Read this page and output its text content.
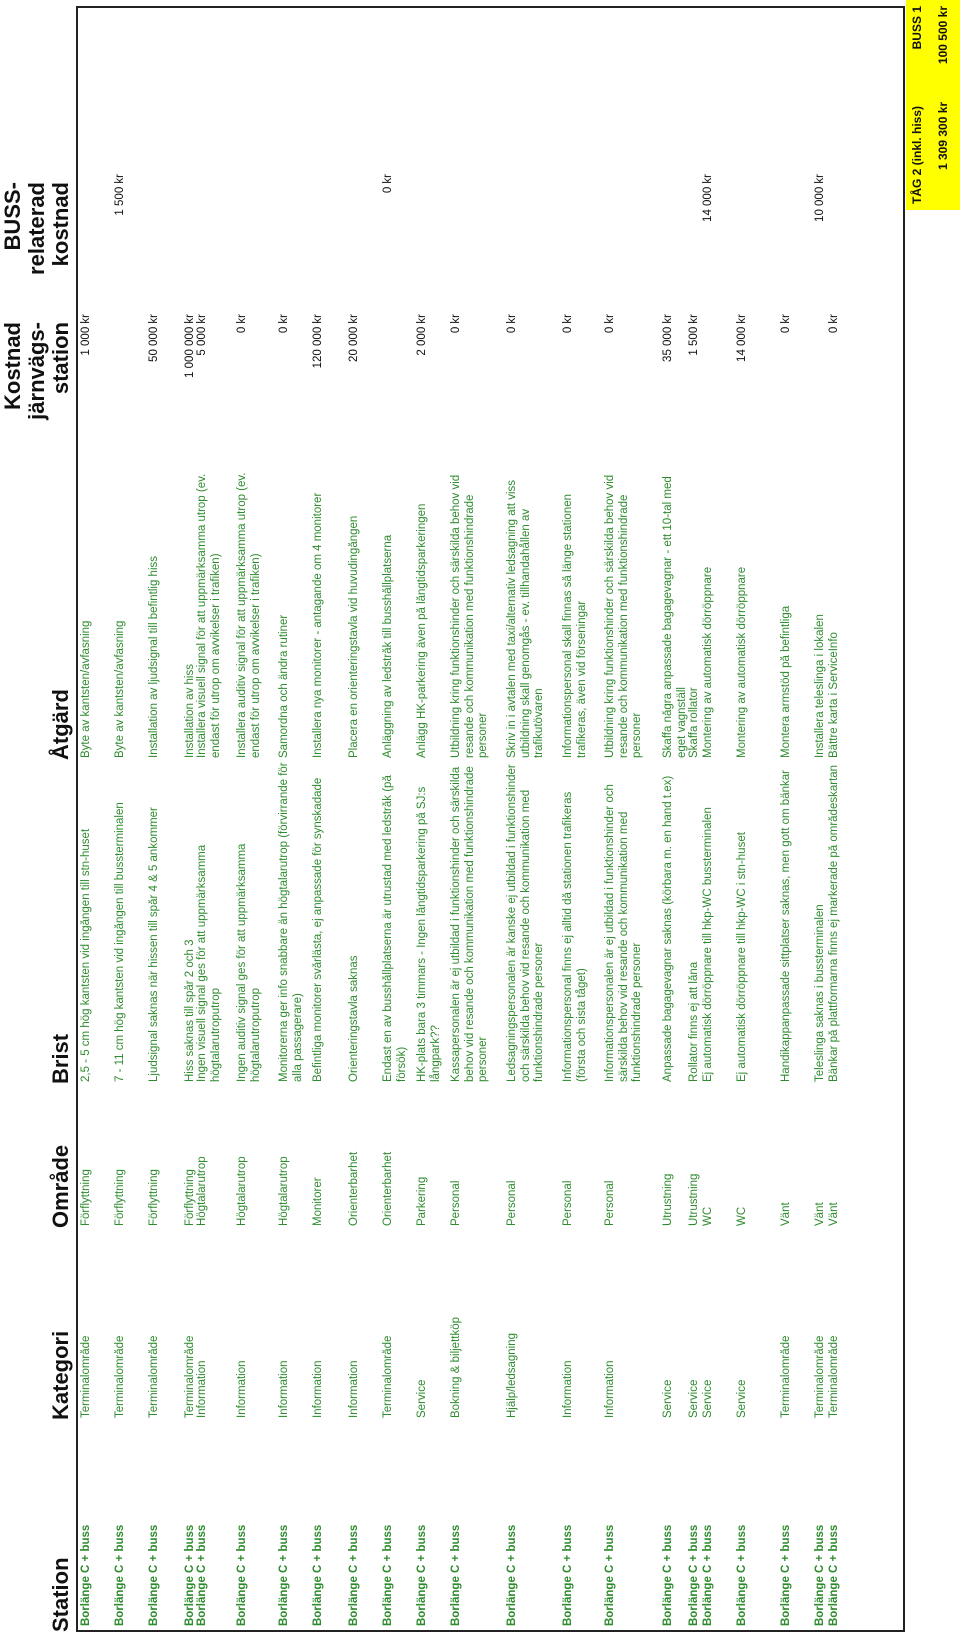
Station
Kategori
Område
Brist
Åtgärd
Kostnad järnvägs- station
BUSS- relaterad kostnad
Borlänge C + buss
Terminalområde
Förflyttning
2,5 - 5 cm hög kantsten vid ingången till stn-huset
Byte av kantsten/avfasning
1 000 kr
Borlänge C + buss
Terminalområde
Förflyttning
7 - 11 cm hög kantsten vid ingången till bussterminalen
Byte av kantsten/avfasning
1 500 kr
Borlänge C + buss
Terminalområde
Förflyttning
Ljudsignal saknas när hissen till spår 4 & 5 ankommer
Installation av ljudsignal till befintlig hiss
50 000 kr
Borlänge C + buss
Terminalområde
Förflyttning
Hiss saknas till spår 2 och 3
Installation av hiss
1 000 000 kr
Borlänge C + buss
Information
Högtalarutrop
Ingen visuell signal ges för att uppmärksamma högtalarutroputrop
Installera visuell signal för att uppmärksamma utrop (ev. endast för utrop om avvikelser i trafiken)
5 000 kr
Borlänge C + buss
Information
Högtalarutrop
Ingen auditiv signal ges för att uppmärksamma högtalarutroputrop
Installera auditiv signal för att uppmärksamma utrop (ev. endast för utrop om avvikelser i trafiken)
0 kr
Borlänge C + buss
Information
Högtalarutrop
Monitorerna ger info snabbare än högtalarutrop (förvirrande för alla passagerare)
Samordna och ändra rutiner
0 kr
Borlänge C + buss
Information
Monitorer
Befintliga monitorer svårlästa, ej anpassade för synskadade
Installera nya monitorer - antagande om 4 monitorer
120 000 kr
Borlänge C + buss
Information
Orienterbarhet
Orienteringstavla saknas
Placera en orienteringstavla vid huvudingången
20 000 kr
Borlänge C + buss
Terminalområde
Orienterbarhet
Endast en av busshållplatserna är utrustad med ledstråk (på försök)
Anläggning av ledstråk till busshållplatserna
0 kr
Borlänge C + buss
Service
Parkering
HK-plats bara 3 timmars - Ingen långtidsparkering på SJ:s långpark??
Anlägg HK-parkering även på långtidsparkeringen
2 000 kr
Borlänge C + buss
Bokning & biljettköp
Personal
Kassapersonalen är ej utbildad i funktionshinder och särskilda behov vid resande och kommunikation med funktionshindrade personer
Utbildning kring funktionshinder och särskilda behov vid resande och kommunikation med funktionshindrade personer
0 kr
Borlänge C + buss
Hjälp/ledsagning
Personal
Ledsagningspersonalen är kanske ej utbildad i funktionshinder och särskilda behov vid resande och kommunikation med funktionshindrade personer
Skriv in i avtalen med taxi/alternativ ledsagning att viss utbildning skall genomgås - ev. tillhandahållen av trafikutövaren
0 kr
Borlänge C + buss
Information
Personal
Informationspersonal finns ej alltid då stationen trafikeras (första och sista tåget)
Informationspersonal skall finnas så länge stationen trafikeras, även vid förseningar
0 kr
Borlänge C + buss
Information
Personal
Informationspersonalen är ej utbildad i funktionshinder och särskilda behov vid resande och kommunikation med funktionshindrade personer
Utbildning kring funktionshinder och särskilda behov vid resande och kommunikation med funktionshindrade personer
0 kr
Borlänge C + buss
Service
Utrustning
Anpassade bagagevagnar saknas (körbara m. en hand t.ex)
Skaffa några anpassade bagagevagnar - ett 10-tal med eget vagnställ
35 000 kr
Borlänge C + buss
Service
Utrustning
Rollator finns ej att låna
Skaffa rollator
1 500 kr
Borlänge C + buss
Service
WC
Ej automatisk dörröppnare till hkp-WC bussterminalen
Montering av automatisk dörröppnare
14 000 kr
Borlänge C + buss
Service
WC
Ej automatisk dörröppnare till hkp-WC i stn-huset
Montering av automatisk dörröppnare
14 000 kr
Borlänge C + buss
Terminalområde
Vänt
Handikappanpassade sittplatser saknas, men gott om bänkar
Montera armstöd på befintliga
0 kr
Borlänge C + buss
Terminalområde
Vänt
Teleslinga saknas i bussterminalen
Installera teleslinga i lokalen
10 000 kr
Borlänge C + buss
Terminalområde
Vänt
Bänkar på plattformarna finns ej markerade på områdeskartan
Bättre karta i ServiceInfo
0 kr
TÅG 2 (inkl. hiss)
BUSS 1
1 309 300 kr
100 500 kr
